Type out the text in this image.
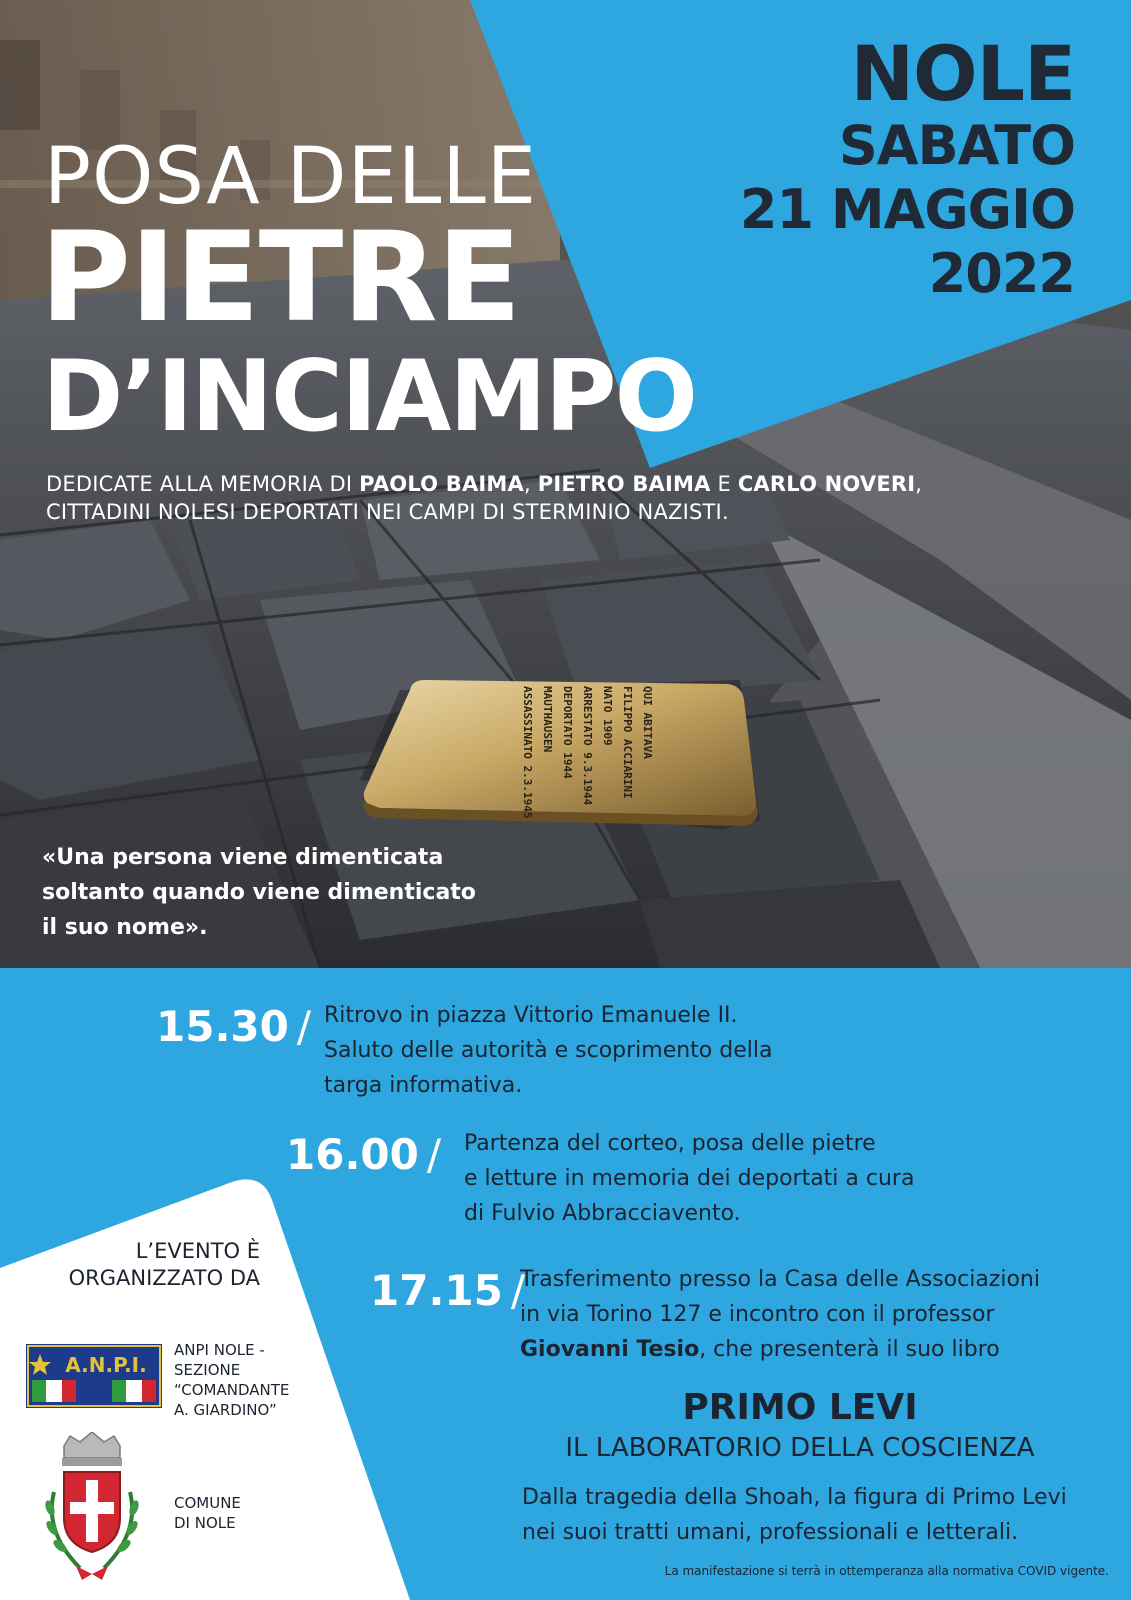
QUI ABITAVA
FILIPPO ACCIARINI
NATO 1909
ARRESTATO 9.3.1944
DEPORTATO 1944
MAUTHAUSEN
ASSASSINATO 2.3.1945
POSA DELLE
PIETRE
D’INCIAMPO

DEDICATE ALLA MEMORIA DI PAOLO BAIMA, PIETRO BAIMA E CARLO NOVERI,
CITTADINI NOLESI DEPORTATI NEI CAMPI DI STERMINIO NAZISTI.

NOLE
SABATO
21 MAGGIO
2022

«Una persona viene dimenticata
soltanto quando viene dimenticato
il suo nome».

L’EVENTO È
ORGANIZZATO DA

A.N.P.I.

ANPI NOLE -
SEZIONE
“COMANDANTE
A. GIARDINO”

COMUNE
DI NOLE

15.30 / Ritrovo in piazza Vittorio Emanuele II.
Saluto delle autorità e scoprimento della
targa informativa.

16.00 / Partenza del corteo, posa delle pietre
e letture in memoria dei deportati a cura
di Fulvio Abbracciavento.

17.15 /

Trasferimento presso la Casa delle Associazioni
in via Torino 127 e incontro con il professor
Giovanni Tesio, che presenterà il suo libro

PRIMO LEVI

IL LABORATORIO DELLA COSCIENZA

Dalla tragedia della Shoah, la figura di Primo Levi
nei suoi tratti umani, professionali e letterali.

La manifestazione si terrà in ottemperanza alla normativa COVID vigente.
